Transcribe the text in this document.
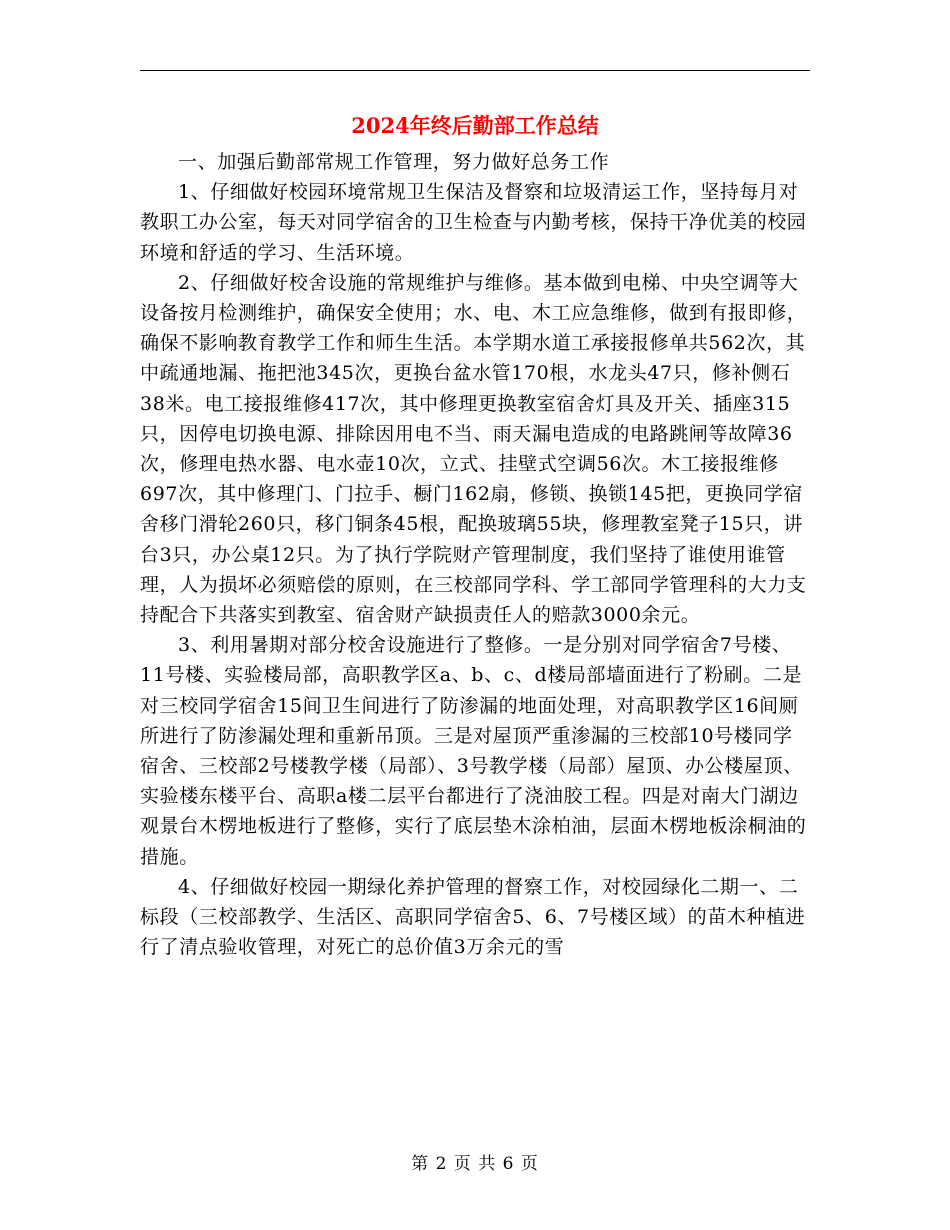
2024年终后勤部工作总结

一、加强后勤部常规工作管理，努力做好总务工作

1、仔细做好校园环境常规卫生保洁及督察和垃圾清运工作，坚持每月对教职工办公室，每天对同学宿舍的卫生检查与内勤考核，保持干净优美的校园环境和舒适的学习、生活环境。

2、仔细做好校舍设施的常规维护与维修。基本做到电梯、中央空调等大设备按月检测维护，确保安全使用；水、电、木工应急维修，做到有报即修，确保不影响教育教学工作和师生生活。本学期水道工承接报修单共562次，其中疏通地漏、拖把池345次，更换台盆水管170根，水龙头47只，修补侧石38米。电工接报维修417次，其中修理更换教室宿舍灯具及开关、插座315只，因停电切换电源、排除因用电不当、雨天漏电造成的电路跳闸等故障36次，修理电热水器、电水壶10次，立式、挂壁式空调56次。木工接报维修697次，其中修理门、门拉手、橱门162扇，修锁、换锁145把，更换同学宿舍移门滑轮260只，移门铜条45根，配换玻璃55块，修理教室凳子15只，讲台3只，办公桌12只。为了执行学院财产管理制度，我们坚持了谁使用谁管理，人为损坏必须赔偿的原则，在三校部同学科、学工部同学管理科的大力支持配合下共落实到教室、宿舍财产缺损责任人的赔款3000余元。

3、利用暑期对部分校舍设施进行了整修。一是分别对同学宿舍7号楼、11号楼、实验楼局部，高职教学区a、b、c、d楼局部墙面进行了粉刷。二是对三校同学宿舍15间卫生间进行了防渗漏的地面处理，对高职教学区16间厕所进行了防渗漏处理和重新吊顶。三是对屋顶严重渗漏的三校部10号楼同学宿舍、三校部2号楼教学楼（局部）、3号教学楼（局部）屋顶、办公楼屋顶、实验楼东楼平台、高职a楼二层平台都进行了浇油胶工程。四是对南大门湖边观景台木楞地板进行了整修，实行了底层垫木涂柏油，层面木楞地板涂桐油的措施。

4、仔细做好校园一期绿化养护管理的督察工作，对校园绿化二期一、二标段（三校部教学、生活区、高职同学宿舍5、6、7号楼区域）的苗木种植进行了清点验收管理，对死亡的总价值3万余元的雪

第 2 页 共 6 页
